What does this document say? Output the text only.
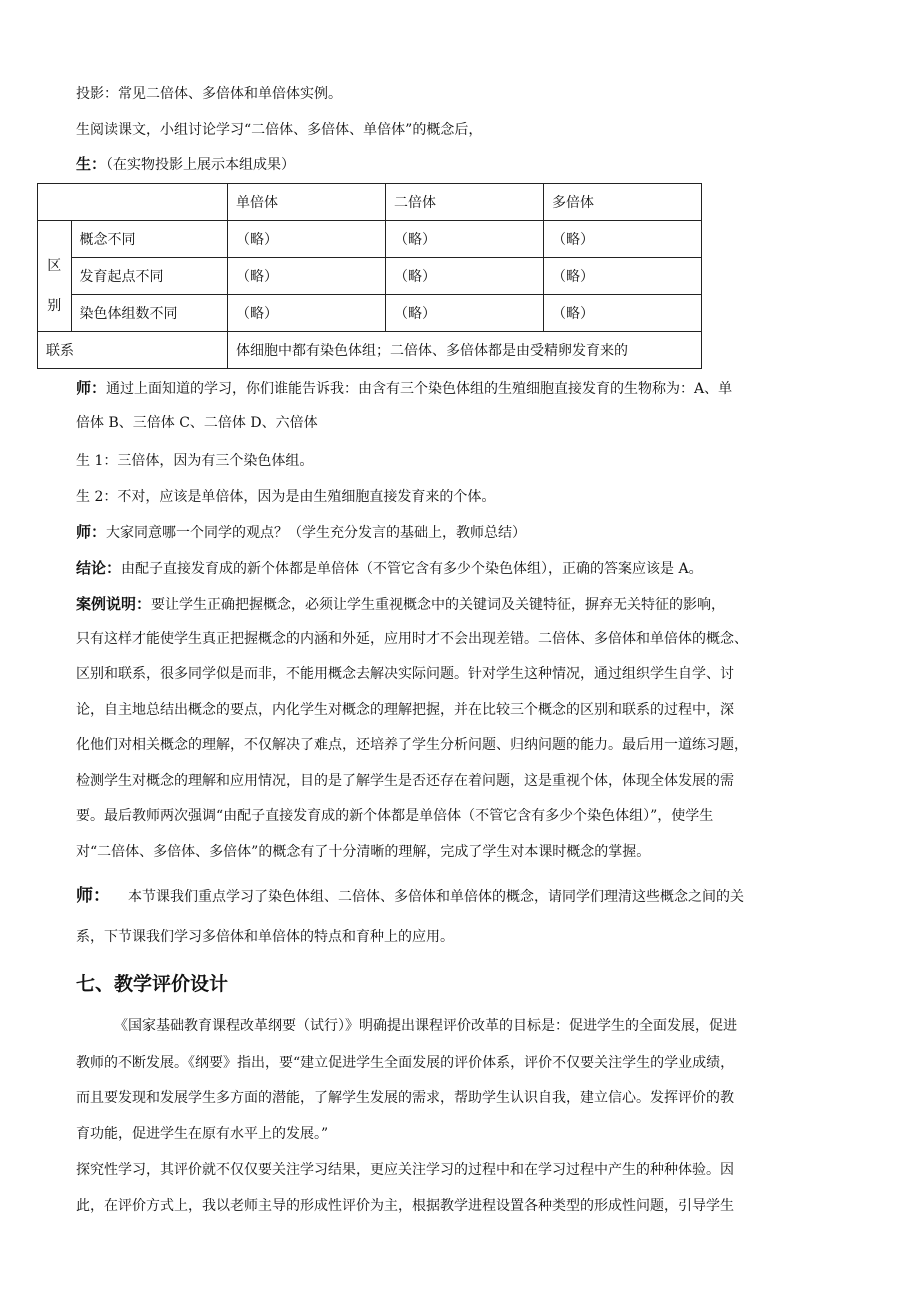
投影：常见二倍体、多倍体和单倍体实例。
生阅读课文，小组讨论学习“二倍体、多倍体、单倍体”的概念后，
生：（在实物投影上展示本组成果）
		单倍体	二倍体	多倍体

区
别	概念不同	（略）	（略）	（略）
	发育起点不同	（略）	（略）	（略）
	染色体组数不同	（略）	（略）	（略）
联系		体细胞中都有染色体组；二倍体、多倍体都是由受精卵发育来的		
师：通过上面知道的学习，你们谁能告诉我：由含有三个染色体组的生殖细胞直接发育的生物称为：A、单
倍体 B、三倍体 C、二倍体 D、六倍体
生 1：三倍体，因为有三个染色体组。
生 2：不对，应该是单倍体，因为是由生殖细胞直接发育来的个体。
师：大家同意哪一个同学的观点？（学生充分发言的基础上，教师总结）
结论：由配子直接发育成的新个体都是单倍体（不管它含有多少个染色体组），正确的答案应该是 A。
案例说明：要让学生正确把握概念，必须让学生重视概念中的关键词及关键特征，摒弃无关特征的影响，
只有这样才能使学生真正把握概念的内涵和外延，应用时才不会出现差错。二倍体、多倍体和单倍体的概念、
区别和联系，很多同学似是而非，不能用概念去解决实际问题。针对学生这种情况，通过组织学生自学、讨
论，自主地总结出概念的要点，内化学生对概念的理解把握，并在比较三个概念的区别和联系的过程中，深
化他们对相关概念的理解，不仅解决了难点，还培养了学生分析问题、归纳问题的能力。最后用一道练习题，
检测学生对概念的理解和应用情况，目的是了解学生是否还存在着问题，这是重视个体，体现全体发展的需
要。最后教师两次强调“由配子直接发育成的新个体都是单倍体（不管它含有多少个染色体组）”，使学生
对“二倍体、多倍体、多倍体”的概念有了十分清晰的理解，完成了学生对本课时概念的掌握。
师： 本节课我们重点学习了染色体组、二倍体、多倍体和单倍体的概念，请同学们理清这些概念之间的关
系，下节课我们学习多倍体和单倍体的特点和育种上的应用。
七、教学评价设计
《国家基础教育课程改革纲要（试行）》明确提出课程评价改革的目标是：促进学生的全面发展，促进
教师的不断发展。《纲要》指出，要“建立促进学生全面发展的评价体系，评价不仅要关注学生的学业成绩，
而且要发现和发展学生多方面的潜能，了解学生发展的需求，帮助学生认识自我，建立信心。发挥评价的教
育功能，促进学生在原有水平上的发展。”
探究性学习，其评价就不仅仅要关注学习结果，更应关注学习的过程中和在学习过程中产生的种种体验。因
此，在评价方式上，我以老师主导的形成性评价为主，根据教学进程设置各种类型的形成性问题，引导学生
